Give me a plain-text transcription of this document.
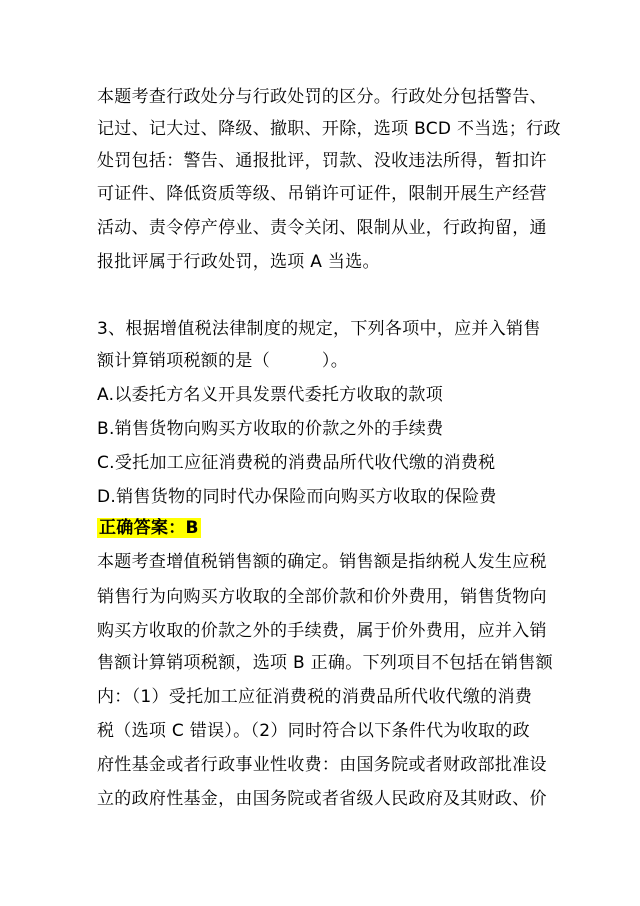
本题考查行政处分与行政处罚的区分。行政处分包括警告、
记过、记大过、降级、撤职、开除，选项 BCD 不当选；行政
处罚包括：警告、通报批评，罚款、没收违法所得，暂扣许
可证件、降低资质等级、吊销许可证件，限制开展生产经营
活动、责令停产停业、责令关闭、限制从业，行政拘留，通
报批评属于行政处罚，选项 A 当选。
3、根据增值税法律制度的规定，下列各项中，应并入销售
额计算销项税额的是（　　　）。
A.以委托方名义开具发票代委托方收取的款项
B.销售货物向购买方收取的价款之外的手续费
C.受托加工应征消费税的消费品所代收代缴的消费税
D.销售货物的同时代办保险而向购买方收取的保险费
正确答案：B
本题考查增值税销售额的确定。销售额是指纳税人发生应税
销售行为向购买方收取的全部价款和价外费用，销售货物向
购买方收取的价款之外的手续费，属于价外费用，应并入销
售额计算销项税额，选项 B 正确。下列项目不包括在销售额
内：（1）受托加工应征消费税的消费品所代收代缴的消费
税（选项 C 错误）。（2）同时符合以下条件代为收取的政
府性基金或者行政事业性收费：由国务院或者财政部批准设
立的政府性基金，由国务院或者省级人民政府及其财政、价
